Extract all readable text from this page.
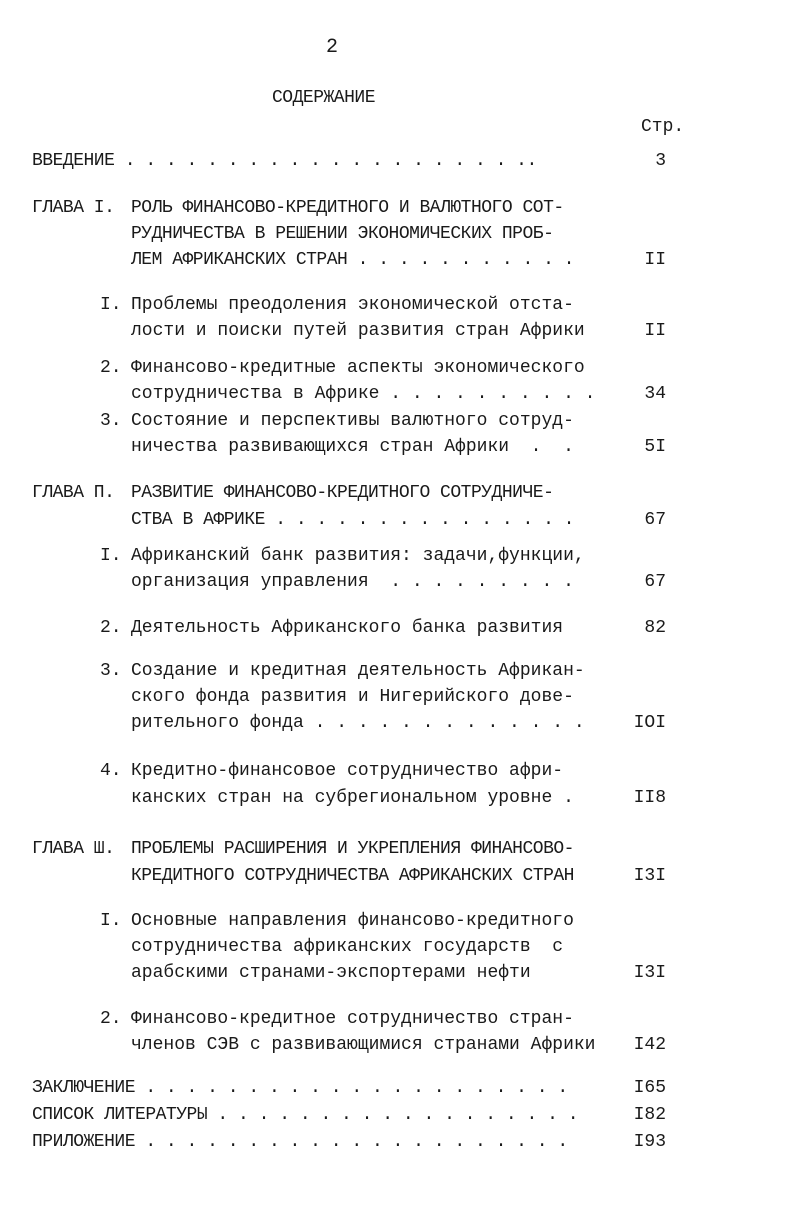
2
СОДЕРЖАНИЕ
Стр.
ВВЕДЕНИЕ . . . . . . . . . . . . . . . . . . . ..	3
ГЛАВА I. РОЛЬ ФИНАНСОВО-КРЕДИТНОГО И ВАЛЮТНОГО СОТ-
РУДНИЧЕСТВА В РЕШЕНИИ ЭКОНОМИЧЕСКИХ ПРОБ-
ЛЕМ АФРИКАНСКИХ СТРАН . . . . . . . . . . .	II
I. Проблемы преодоления экономической отста-
лости и поиски путей развития стран Африки	II
2. Финансово-кредитные аспекты экономического
сотрудничества в Африке . . . . . . . . . .	34
3. Состояние и перспективы валютного сотруд-
ничества развивающихся стран Африки  .  .	5I
ГЛАВА П. РАЗВИТИЕ ФИНАНСОВО-КРЕДИТНОГО СОТРУДНИЧЕ-
СТВА В АФРИКЕ . . . . . . . . . . . . . . .	67
I. Африканский банк развития: задачи,функции,
организация управления  . . . . . . . . .	67
2. Деятельность Африканского банка развития	82
3. Создание и кредитная деятельность Африкан-
ского фонда развития и Нигерийского дове-
рительного фонда . . . . . . . . . . . . .	IOI
4. Кредитно-финансовое сотрудничество афри-
канских стран на субрегиональном уровне .	II8
ГЛАВА Ш. ПРОБЛЕМЫ РАСШИРЕНИЯ И УКРЕПЛЕНИЯ ФИНАНСОВО-
КРЕДИТНОГО СОТРУДНИЧЕСТВА АФРИКАНСКИХ СТРАН	I3I
I. Основные направления финансово-кредитного
сотрудничества африканских государств  с
арабскими странами-экспортерами нефти	I3I
2. Финансово-кредитное сотрудничество стран-
членов СЭВ с развивающимися странами Африки	I42
ЗАКЛЮЧЕНИЕ . . . . . . . . . . . . . . . . . . . . .	I65
СПИСОК ЛИТЕРАТУРЫ . . . . . . . . . . . . . . . . . .	I82
ПРИЛОЖЕНИЕ . . . . . . . . . . . . . . . . . . . . .	I93
